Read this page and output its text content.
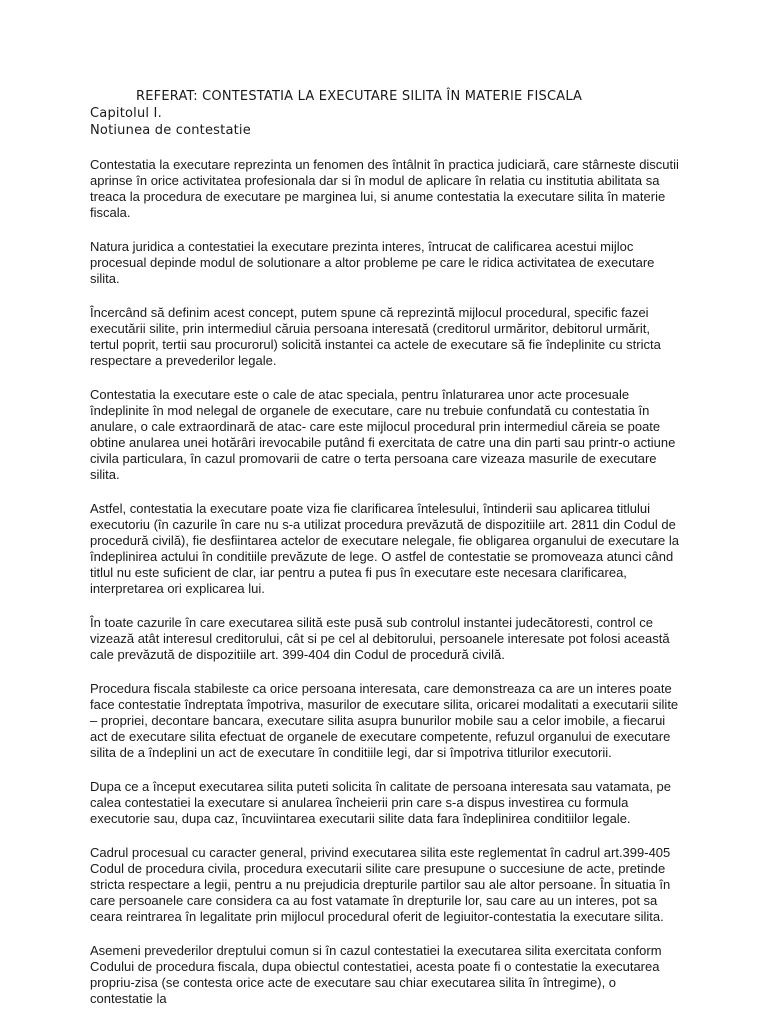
REFERAT: CONTESTATIA LA EXECUTARE SILITA ÎN MATERIE FISCALA
Capitolul I.
Notiunea de contestatie

Contestatia la executare reprezinta un fenomen des întâlnit în practica judiciară, care stârneste discutii aprinse în orice activitatea profesionala dar si în modul de aplicare în relatia cu institutia abilitata sa treaca la procedura de executare pe marginea lui, si anume contestatia la executare silita în materie fiscala.

Natura juridica a contestatiei la executare prezinta interes, întrucat de calificarea acestui mijloc procesual depinde modul de solutionare a altor probleme pe care le ridica activitatea de executare silita.

Încercând să definim acest concept, putem spune că reprezintă mijlocul procedural, specific fazei executării silite, prin intermediul căruia persoana interesată (creditorul urmăritor, debitorul urmărit, tertul poprit, tertii sau procurorul) solicită instantei ca actele de executare să fie îndeplinite cu stricta respectare a prevederilor legale.

Contestatia la executare este o cale de atac speciala, pentru înlaturarea unor acte procesuale îndeplinite în mod nelegal de organele de executare, care nu trebuie confundată cu contestatia în anulare, o cale extraordinară de atac- care este mijlocul procedural prin intermediul căreia se poate obtine anularea unei hotărâri irevocabile putând fi exercitata de catre una din parti sau printr-o actiune civila particulara, în cazul promovarii de catre o terta persoana care vizeaza masurile de executare silita.

Astfel, contestatia la executare poate viza fie clarificarea întelesului, întinderii sau aplicarea titlului executoriu (în cazurile în care nu s-a utilizat procedura prevăzută de dispozitiile art. 2811 din Codul de procedură civilă), fie desfiintarea actelor de executare nelegale, fie obligarea organului de executare la îndeplinirea actului în conditiile prevăzute de lege. O astfel de contestatie se promoveaza atunci când titlul nu este suficient de clar, iar pentru a putea fi pus în executare este necesara clarificarea, interpretarea ori explicarea lui.

În toate cazurile în care executarea silită este pusă sub controlul instantei judecătoresti, control ce vizează atât interesul creditorului, cât si pe cel al debitorului, persoanele interesate pot folosi această cale prevăzută de dispozitiile art. 399-404 din Codul de procedură civilă.

Procedura fiscala stabileste ca orice persoana interesata, care demonstreaza ca are un interes poate face contestatie îndreptata împotriva, masurilor de executare silita, oricarei modalitati a executarii silite – propriei, decontare bancara, executare silita asupra bunurilor mobile sau a celor imobile, a fiecarui act de executare silita efectuat de organele de executare competente, refuzul organului de executare silita de a îndeplini un act de executare în conditiile legi, dar si împotriva titlurilor executorii.

Dupa ce a început executarea silita puteti solicita în calitate de persoana interesata sau vatamata, pe calea contestatiei la executare si anularea încheierii prin care s-a dispus investirea cu formula executorie sau, dupa caz, încuviintarea executarii silite data fara îndeplinirea conditiilor legale.

Cadrul procesual cu caracter general, privind executarea silita este reglementat în cadrul art.399-405 Codul de procedura civila, procedura executarii silite care presupune o succesiune de acte, pretinde stricta respectare a legii, pentru a nu prejudicia drepturile partilor sau ale altor persoane. În situatia în care persoanele care considera ca au fost vatamate în drepturile lor, sau care au un interes, pot sa ceara reintrarea în legalitate prin mijlocul procedural oferit de legiuitor-contestatia la executare silita.

Asemeni prevederilor dreptului comun si în cazul contestatiei la executarea silita exercitata conform Codului de procedura fiscala, dupa obiectul contestatiei, acesta poate fi o contestatie la executarea propriu-zisa (se contesta orice acte de executare sau chiar executarea silita în întregime), o contestatie la
